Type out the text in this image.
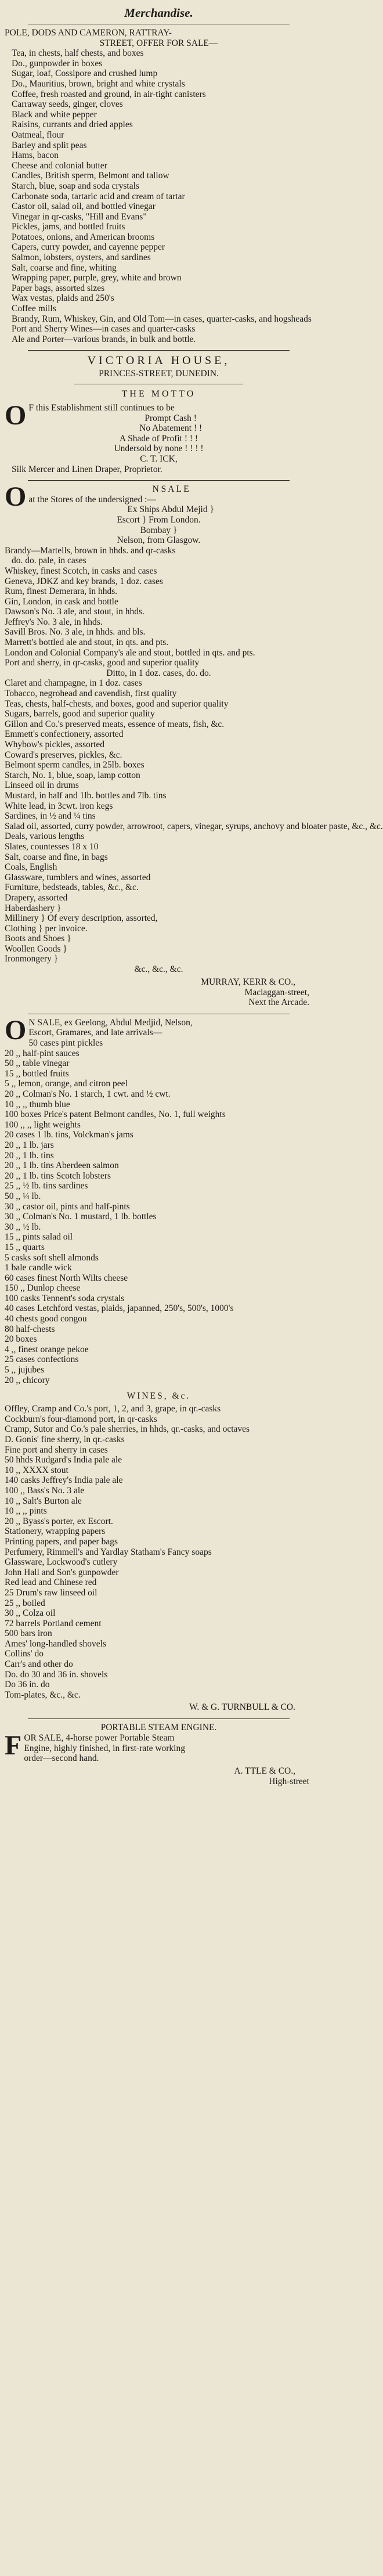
Merchandise.
POLE, DODS AND CAMERON, RATTRAY-
STREET, OFFER FOR SALE—
Tea, in chests, half chests, and boxes
Do., gunpowder in boxes
Sugar, loaf, Cossipore and crushed lump
Do., Mauritius, brown, bright and white crystals
Coffee, fresh roasted and ground, in air-tight canisters
Carraway seeds, ginger, cloves
Black and white pepper
Raisins, currants and dried apples
Oatmeal, flour
Barley and split peas
Hams, bacon
Cheese and colonial butter
Candles, British sperm, Belmont and tallow
Starch, blue, soap and soda crystals
Carbonate soda, tartaric acid and cream of tartar
Castor oil, salad oil, and bottled vinegar
Vinegar in qr-casks, "Hill and Evans"
Pickles, jams, and bottled fruits
Potatoes, onions, and American brooms
Capers, curry powder, and cayenne pepper
Salmon, lobsters, oysters, and sardines
Salt, coarse and fine, whiting
Wrapping paper, purple, grey, white and brown
Paper bags, assorted sizes
Wax vestas, plaids and 250's
Coffee mills
Brandy, Rum, Whiskey, Gin, and Old Tom—in cases, quarter-casks, and hogsheads
Port and Sherry Wines—in cases and quarter-casks
Ale and Porter—various brands, in bulk and bottle.
VICTORIA HOUSE,
PRINCES-STREET, DUNEDIN.
THE MOTTO
O F this Establishment still continues to be
Prompt Cash !
No Abatement ! !
A Shade of Profit ! ! !
Undersold by none ! ! ! !
C. T. ICK,
Silk Mercer and Linen Draper, Proprietor.
O	N S A L E
at the Stores of the undersigned :—
Ex Ships Abdul Mejid }
Escort } From London.
Bombay }
Nelson, from Glasgow.
Brandy—Martells, brown in hhds. and qr-casks
do. do. pale, in cases
Whiskey, finest Scotch, in casks and cases
Geneva, JDKZ and key brands, 1 doz. cases
Rum, finest Demerara, in hhds.
Gin, London, in cask and bottle
Dawson's No. 3 ale, and stout, in hhds.
Jeffrey's No. 3 ale, in hhds.
Savill Bros. No. 3 ale, in hhds. and bls.
Marrett's bottled ale and stout, in qts. and pts.
London and Colonial Company's ale and stout, bottled in qts. and pts.
Port and sherry, in qr-casks, good and superior quality
Ditto, in 1 doz. cases, do. do.
Claret and champagne, in 1 doz. cases
Tobacco, negrohead and cavendish, first quality
Teas, chests, half-chests, and boxes, good and superior quality
Sugars, barrels, good and superior quality
Gillon and Co.'s preserved meats, essence of meats, fish, &c.
Emmett's confectionery, assorted
Whybow's pickles, assorted
Coward's preserves, pickles, &c.
Belmont sperm candles, in 25lb. boxes
Starch, No. 1, blue, soap, lamp cotton
Linseed oil in drums
Mustard, in half and 1lb. bottles and 7lb. tins
White lead, in 3cwt. iron kegs
Sardines, in ½ and ¼ tins
Salad oil, assorted, curry powder, arrowroot, capers, vinegar, syrups, anchovy and bloater paste, &c., &c.
Deals, various lengths
Slates, countesses 18 x 10
Salt, coarse and fine, in bags
Coals, English
Glassware, tumblers and wines, assorted
Furniture, bedsteads, tables, &c., &c.
Drapery, assorted
Haberdashery }
Millinery } Of every description, assorted,
Clothing } per invoice.
Boots and Shoes }
Woollen Goods }
Ironmongery }
&c., &c., &c.
MURRAY, KERR & CO.,
Maclaggan-street,
Next the Arcade.
O N SALE, ex Geelong, Abdul Medjid, Nelson,
Escort, Gramares, and late arrivals—
50 cases pint pickles
20 ,, half-pint sauces
50 ,, table vinegar
15 ,, bottled fruits
5 ,, lemon, orange, and citron peel
20 ,, Colman's No. 1 starch, 1 cwt. and ½ cwt.
10 ,, ,, thumb blue
100 boxes Price's patent Belmont candles, No. 1, full weights
100 ,, ,, light weights
20 cases 1 lb. tins, Volckman's jams
20 ,, 1 lb. jars
20 ,, 1 lb. tins
20 ,, 1 lb. tins Aberdeen salmon
20 ,, 1 lb. tins Scotch lobsters
25 ,, ½ lb. tins sardines
50 ,, ¼ lb.
30 ,, castor oil, pints and half-pints
30 ,, Colman's No. 1 mustard, 1 lb. bottles
30 ,, ½ lb.
15 ,, pints salad oil
15 ,, quarts
5 casks soft shell almonds
1 bale candle wick
60 cases finest North Wilts cheese
150 ,, Dunlop cheese
100 casks Tennent's soda crystals
40 cases Letchford vestas, plaids, japanned, 250's, 500's, 1000's
40 chests good congou
80 half-chests
20 boxes
4 ,, finest orange pekoe
25 cases confections
5 ,, jujubes
20 ,, chicory
WINES, &c.
Offley, Cramp and Co.'s port, 1, 2, and 3, grape, in qr.-casks
Cockburn's four-diamond port, in qr-casks
Cramp, Sutor and Co.'s pale sherries, in hhds, qr.-casks, and octaves
D. Gonis' fine sherry, in qr.-casks
Fine port and sherry in cases
50 hhds Rudgard's India pale ale
10 ,, XXXX stout
140 casks Jeffrey's India pale ale
100 ,, Bass's No. 3 ale
10 ,, Salt's Burton ale
10 ,, ,, pints
20 ,, Byass's porter, ex Escort.
Stationery, wrapping papers
Printing papers, and paper bags
Perfumery, Rimmell's and Yardlay Statham's Fancy soaps
Glassware, Lockwood's cutlery
John Hall and Son's gunpowder
Red lead and Chinese red
25 Drum's raw linseed oil
25 ,, boiled
30 ,, Colza oil
72 barrels Portland cement
500 bars iron
Ames' long-handled shovels
Collins' do
Carr's and other do
Do. do 30 and 36 in. shovels
Do 36 in. do
Tom-plates, &c., &c.
W. & G. TURNBULL & CO.
PORTABLE STEAM ENGINE.
F OR SALE, 4-horse power Portable Steam
Engine, highly finished, in first-rate working
order—second hand.
A. TTLE & CO.,
High-street
